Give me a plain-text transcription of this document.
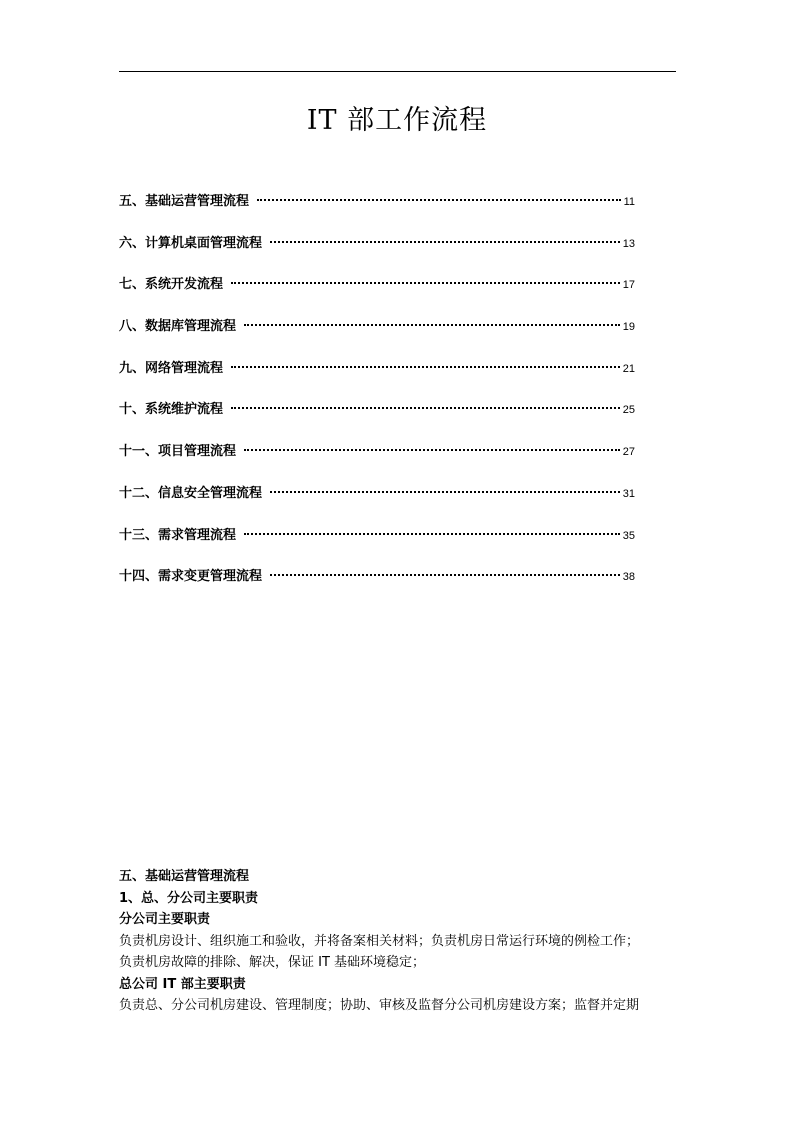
IT 部工作流程
五、基础运营管理流程	11
六、计算机桌面管理流程	13
七、系统开发流程	17
八、数据库管理流程	19
九、网络管理流程	21
十、系统维护流程	25
十一、项目管理流程	27
十二、信息安全管理流程	31
十三、需求管理流程	35
十四、需求变更管理流程	38
五、基础运营管理流程
1、总、分公司主要职责
分公司主要职责
负责机房设计、组织施工和验收，并将备案相关材料；负责机房日常运行环境的例检工作；
负责机房故障的排除、解决，保证 IT 基础环境稳定；
总公司 IT 部主要职责
负责总、分公司机房建设、管理制度；协助、审核及监督分公司机房建设方案；监督并定期
